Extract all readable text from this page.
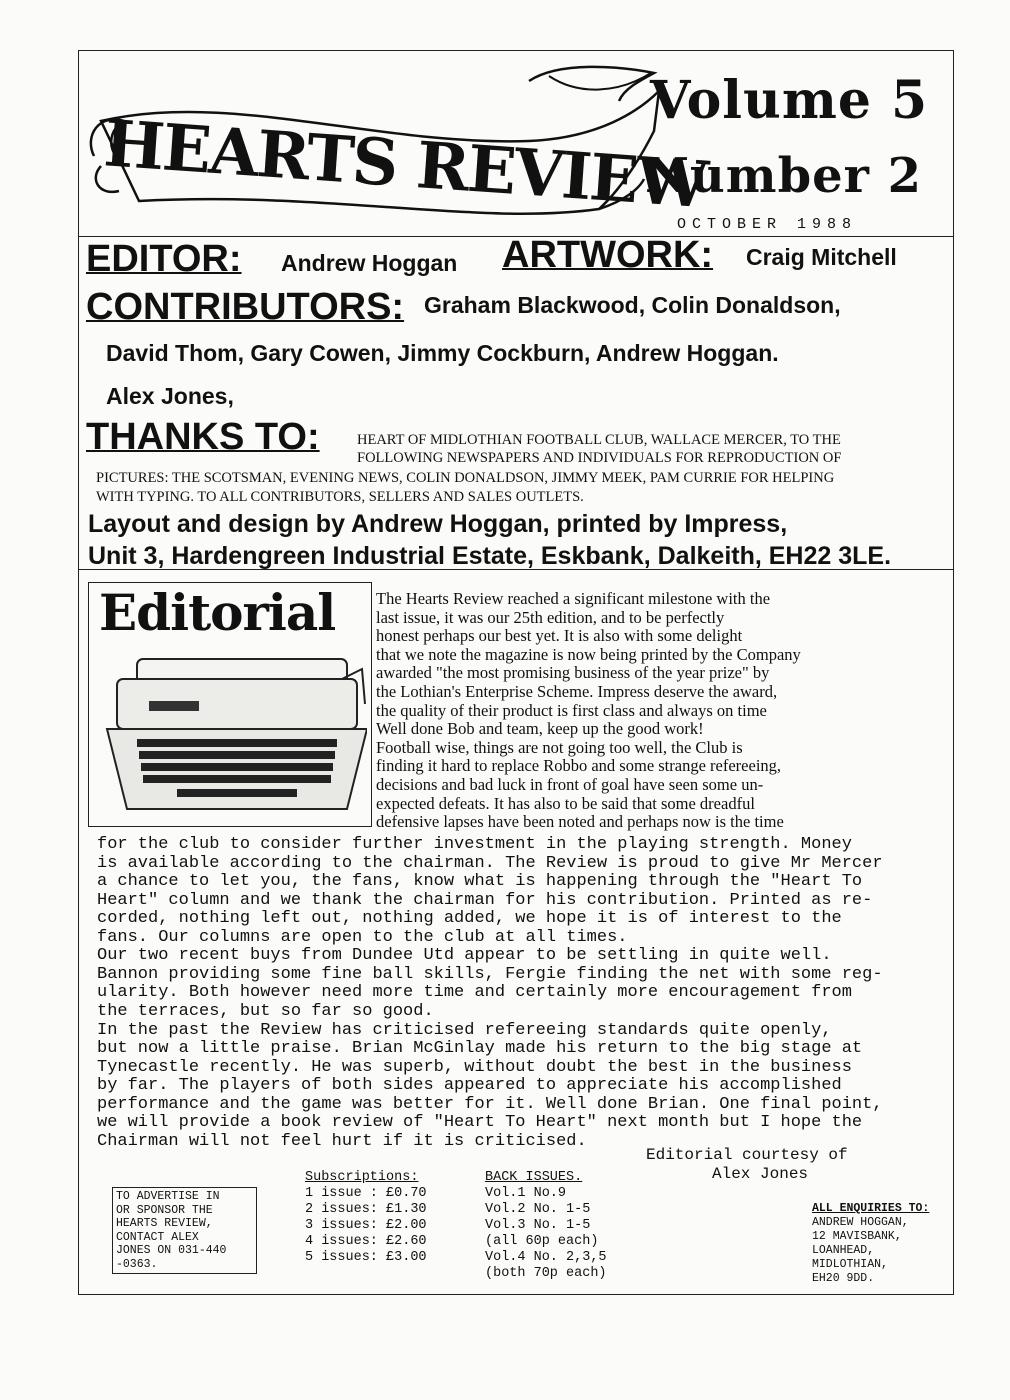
HEARTS REVIEW
Volume 5
Number 2
OCTOBER 1988
EDITOR: Andrew Hoggan ARTWORK: Craig Mitchell
CONTRIBUTORS: Graham Blackwood, Colin Donaldson,
David Thom, Gary Cowen, Jimmy Cockburn, Andrew Hoggan.
Alex Jones,
THANKS TO:	HEART OF MIDLOTHIAN FOOTBALL CLUB, WALLACE MERCER, TO THE
FOLLOWING NEWSPAPERS AND INDIVIDUALS FOR REPRODUCTION OF
PICTURES: THE SCOTSMAN, EVENING NEWS, COLIN DONALDSON, JIMMY MEEK, PAM CURRIE FOR HELPING
WITH TYPING. TO ALL CONTRIBUTORS, SELLERS AND SALES OUTLETS.
Layout and design by Andrew Hoggan, printed by Impress,
Unit 3, Hardengreen Industrial Estate, Eskbank, Dalkeith, EH22 3LE.
Editorial The Hearts Review reached a significant milestone with the
last issue, it was our 25th edition, and to be perfectly
honest perhaps our best yet. It is also with some delight
that we note the magazine is now being printed by the Company
awarded "the most promising business of the year prize" by
the Lothian's Enterprise Scheme. Impress deserve the award,
the quality of their product is first class and always on time
Well done Bob and team, keep up the good work!
Football wise, things are not going too well, the Club is
finding it hard to replace Robbo and some strange refereeing,
decisions and bad luck in front of goal have seen some un-
expected defeats. It has also to be said that some dreadful
defensive lapses have been noted and perhaps now is the time
for the club to consider further investment in the playing strength. Money
is available according to the chairman. The Review is proud to give Mr Mercer
a chance to let you, the fans, know what is happening through the "Heart To
Heart" column and we thank the chairman for his contribution. Printed as re-
corded, nothing left out, nothing added, we hope it is of interest to the
fans. Our columns are open to the club at all times.
Our two recent buys from Dundee Utd appear to be settling in quite well.
Bannon providing some fine ball skills, Fergie finding the net with some reg-
ularity. Both however need more time and certainly more encouragement from
the terraces, but so far so good.
In the past the Review has criticised refereeing standards quite openly,
but now a little praise. Brian McGinlay made his return to the big stage at
Tynecastle recently. He was superb, without doubt the best in the business
by far. The players of both sides appeared to appreciate his accomplished
performance and the game was better for it. Well done Brian. One final point,
we will provide a book review of "Heart To Heart" next month but I hope the
Chairman will not feel hurt if it is criticised.
Editorial courtesy of
Alex Jones
TO ADVERTISE IN
OR SPONSOR THE
HEARTS REVIEW,
CONTACT ALEX
JONES ON 031-440
-0363.
Subscriptions:
1 issue : £0.70
2 issues: £1.30
3 issues: £2.00
4 issues: £2.60
5 issues: £3.00
BACK ISSUES.
Vol.1 No.9
Vol.2 No. 1-5
Vol.3 No. 1-5
(all 60p each)
Vol.4 No. 2,3,5
(both 70p each)
ALL ENQUIRIES TO:
ANDREW HOGGAN,
12 MAVISBANK,
LOANHEAD,
MIDLOTHIAN,
EH20 9DD.
